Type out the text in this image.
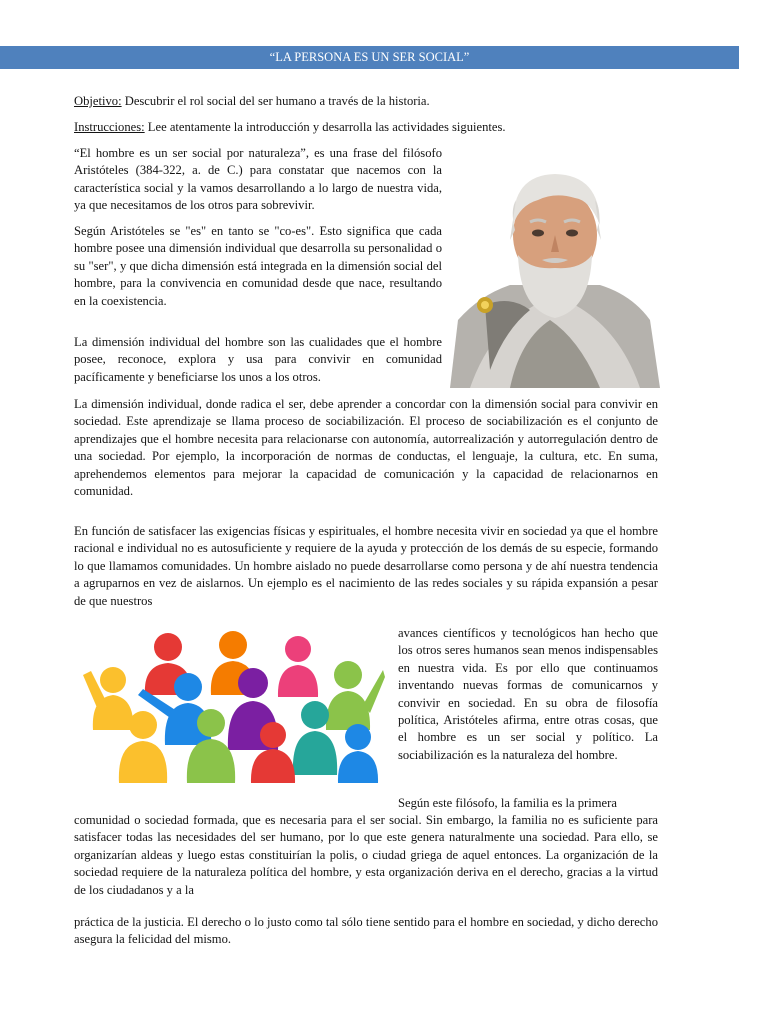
“LA PERSONA ES UN SER SOCIAL”

Objetivo: Descubrir el rol social del ser humano a través de la historia.

Instrucciones: Lee atentamente la introducción y desarrolla las actividades siguientes.

“El hombre es un ser social por naturaleza”, es una frase del filósofo Aristóteles (384-322, a. de C.) para constatar que nacemos con la característica social y la vamos desarrollando a lo largo de nuestra vida, ya que necesitamos de los otros para sobrevivir.

Según Aristóteles se "es" en tanto se "co-es". Esto significa que cada hombre posee una dimensión individual que desarrolla su personalidad o su "ser", y que dicha dimensión está integrada en la dimensión social del hombre, para la convivencia en comunidad desde que nace, resultando en la coexistencia.

La dimensión individual del hombre son las cualidades que el hombre posee, reconoce, explora y usa para convivir en comunidad pacíficamente y beneficiarse los unos a los otros.

La dimensión individual, donde radica el ser, debe aprender a concordar con la dimensión social para convivir en sociedad. Este aprendizaje se llama proceso de sociabilización. El proceso de sociabilización es el conjunto de aprendizajes que el hombre necesita para relacionarse con autonomía, autorrealización y autorregulación dentro de una sociedad. Por ejemplo, la incorporación de normas de conductas, el lenguaje, la cultura, etc. En suma, aprehendemos elementos para mejorar la capacidad de comunicación y la capacidad de relacionarnos en comunidad.

En función de satisfacer las exigencias físicas y espirituales, el hombre necesita vivir en sociedad ya que el hombre racional e individual no es autosuficiente y requiere de la ayuda y protección de los demás de su especie, formando lo que llamamos comunidades. Un hombre aislado no puede desarrollarse como persona y de ahí nuestra tendencia a agruparnos en vez de aislarnos. Un ejemplo es el nacimiento de las redes sociales y su rápida expansión a pesar de que nuestros

avances científicos y tecnológicos han hecho que los otros seres humanos sean menos indispensables en nuestra vida. Es por ello que continuamos inventando nuevas formas de comunicarnos y convivir en sociedad. En su obra de filosofía política, Aristóteles afirma, entre otras cosas, que el hombre es un ser social y político. La sociabilización es la naturaleza del hombre.

Según este filósofo, la familia es la primera

comunidad o sociedad formada, que es necesaria para el ser social. Sin embargo, la familia no es suficiente para satisfacer todas las necesidades del ser humano, por lo que este genera naturalmente una sociedad. Para ello, se organizarían aldeas y luego estas constituirían la polis, o ciudad griega de aquel entonces. La organización de la sociedad requiere de la naturaleza política del hombre, y esta organización deriva en el derecho, gracias a la virtud de los ciudadanos y a la

práctica de la justicia. El derecho o lo justo como tal sólo tiene sentido para el hombre en sociedad, y dicho derecho asegura la felicidad del mismo.
